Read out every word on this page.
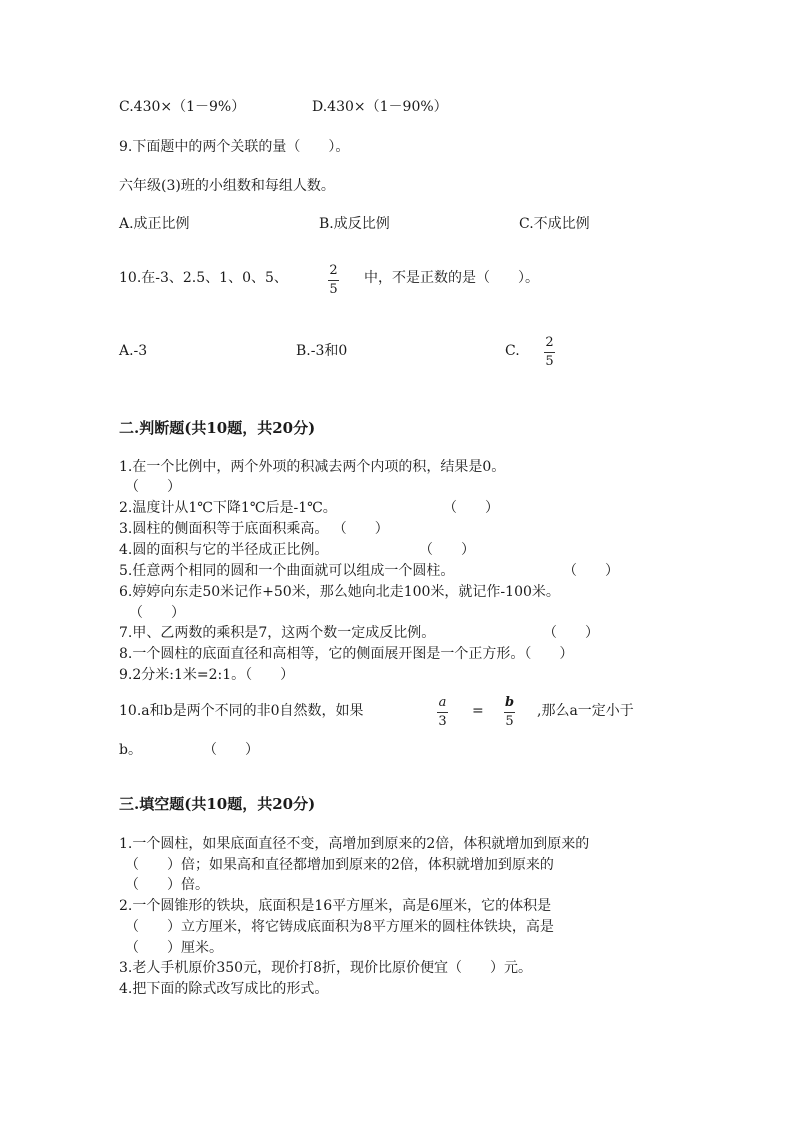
C.430×（1－9%）	D.430×（1－90%）
9.下面题中的两个关联的量（　　）。
六年级(3)班的小组数和每组人数。
A.成正比例	B.成反比例	C.不成比例
10.在-3、2.5、1、0、5、	2
5
中，不是正数的是（　　）。
A.-3	B.-3和0	C.
2
5
二.判断题(共10题，共20分)
1.在一个比例中，两个外项的积减去两个内项的积，结果是0。
（　　）
2.温度计从1℃下降1℃后是-1℃。	（　　）
3.圆柱的侧面积等于底面积乘高。 （　　）
4.圆的面积与它的半径成正比例。	（　　）
5.任意两个相同的圆和一个曲面就可以组成一个圆柱。	（　　）
6.婷婷向东走50米记作+50米，那么她向北走100米，就记作-100米。
（　　）
7.甲、乙两数的乘积是7，这两个数一定成反比例。	（　　）
8.一个圆柱的底面直径和高相等，它的侧面展开图是一个正方形。（　　）
9.2分米:1米=2:1。（　　）
10.a和b是两个不同的非0自然数，如果
a
3
=
b
5
,那么a一定小于
b。	（　　）
三.填空题(共10题，共20分)
1.一个圆柱，如果底面直径不变，高增加到原来的2倍，体积就增加到原来的
（　　）倍；如果高和直径都增加到原来的2倍，体积就增加到原来的
（　　）倍。
2.一个圆锥形的铁块，底面积是16平方厘米，高是6厘米，它的体积是
（　　）立方厘米，将它铸成底面积为8平方厘米的圆柱体铁块，高是
（　　）厘米。
3.老人手机原价350元，现价打8折，现价比原价便宜（　　）元。
4.把下面的除式改写成比的形式。
